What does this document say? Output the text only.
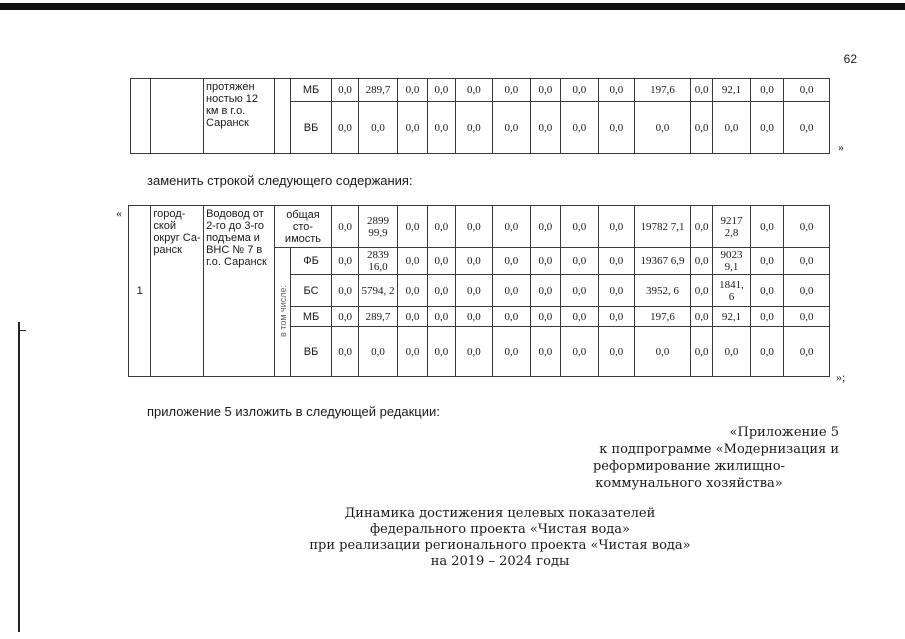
62
		протяжен ностью 12 км в г.о. Саранск		МБ	0,0	289,7	0,0	0,0	0,0	0,0	0,0	0,0	0,0	197,6	0,0	92,1	0,0	0,0
				ВБ	0,0	0,0	0,0	0,0	0,0	0,0	0,0	0,0	0,0	0,0	0,0	0,0	0,0	0,0
»
заменить строкой следующего содержания:
«
1	город-ской округ Са-ранск	Водовод от 2-го до 3-го подъема и ВНС № 7 в г.о. Саранск	общая сто-имость		0,0	2899 99,9	0,0	0,0	0,0	0,0	0,0	0,0	0,0	19782 7,1	0,0	9217 2,8	0,0	0,0
			в том числе:	ФБ	0,0	2839 16,0	0,0	0,0	0,0	0,0	0,0	0,0	0,0	19367 6,9	0,0	9023 9,1	0,0	0,0
				БС	0,0	5794, 2	0,0	0,0	0,0	0,0	0,0	0,0	0,0	3952, 6	0,0	1841, 6	0,0	0,0
				МБ	0,0	289,7	0,0	0,0	0,0	0,0	0,0	0,0	0,0	197,6	0,0	92,1	0,0	0,0
				ВБ	0,0	0,0	0,0	0,0	0,0	0,0	0,0	0,0	0,0	0,0	0,0	0,0	0,0	0,0
»;
приложение 5 изложить в следующей редакции:
«Приложение 5
к подпрограмме «Модернизация и
реформирование жилищно-
коммунального хозяйства»
Динамика достижения целевых показателей
федерального проекта «Чистая вода»
при реализации регионального проекта «Чистая вода»
на 2019 – 2024 годы
